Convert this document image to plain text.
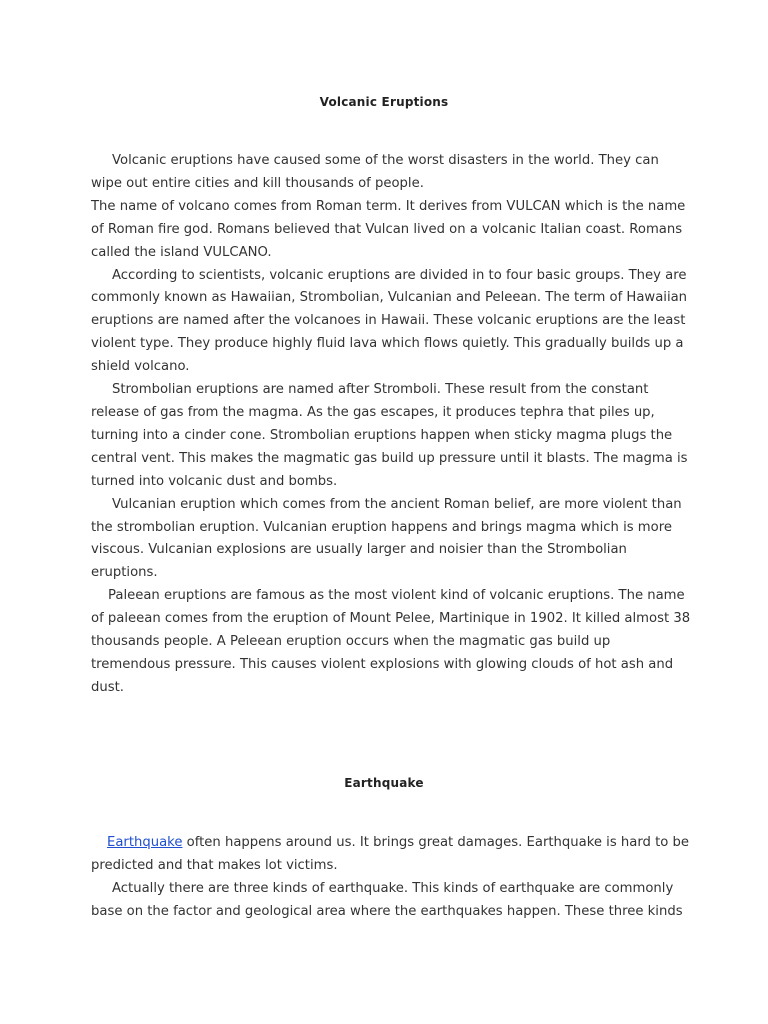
Volcanic Eruptions

Volcanic eruptions have caused some of the worst disasters in the world. They can wipe out entire cities and kill thousands of people.

The name of volcano comes from Roman term. It derives from VULCAN which is the name of Roman fire god. Romans believed that Vulcan lived on a volcanic Italian coast. Romans called the island VULCANO.

According to scientists, volcanic eruptions are divided in to four basic groups. They are commonly known as Hawaiian, Strombolian, Vulcanian and Peleean. The term of Hawaiian eruptions are named after the volcanoes in Hawaii. These volcanic eruptions are the least violent type. They produce highly fluid lava which flows quietly. This gradually builds up a shield volcano.

Strombolian eruptions are named after Stromboli. These result from the constant release of gas from the magma. As the gas escapes, it produces tephra that piles up, turning into a cinder cone. Strombolian eruptions happen when sticky magma plugs the central vent. This makes the magmatic gas build up pressure until it blasts. The magma is turned into volcanic dust and bombs.

Vulcanian eruption which comes from the ancient Roman belief, are more violent than the strombolian eruption. Vulcanian eruption happens and brings magma which is more viscous. Vulcanian explosions are usually larger and noisier than the Strombolian eruptions.

Paleean eruptions are famous as the most violent kind of volcanic eruptions. The name of paleean comes from the eruption of Mount Pelee, Martinique in 1902. It killed almost 38 thousands people. A Peleean eruption occurs when the magmatic gas build up tremendous pressure. This causes violent explosions with glowing clouds of hot ash and dust.

Earthquake

Earthquake often happens around us. It brings great damages. Earthquake is hard to be predicted and that makes lot victims.

Actually there are three kinds of earthquake. This kinds of earthquake are commonly base on the factor and geological area where the earthquakes happen. These three kinds
